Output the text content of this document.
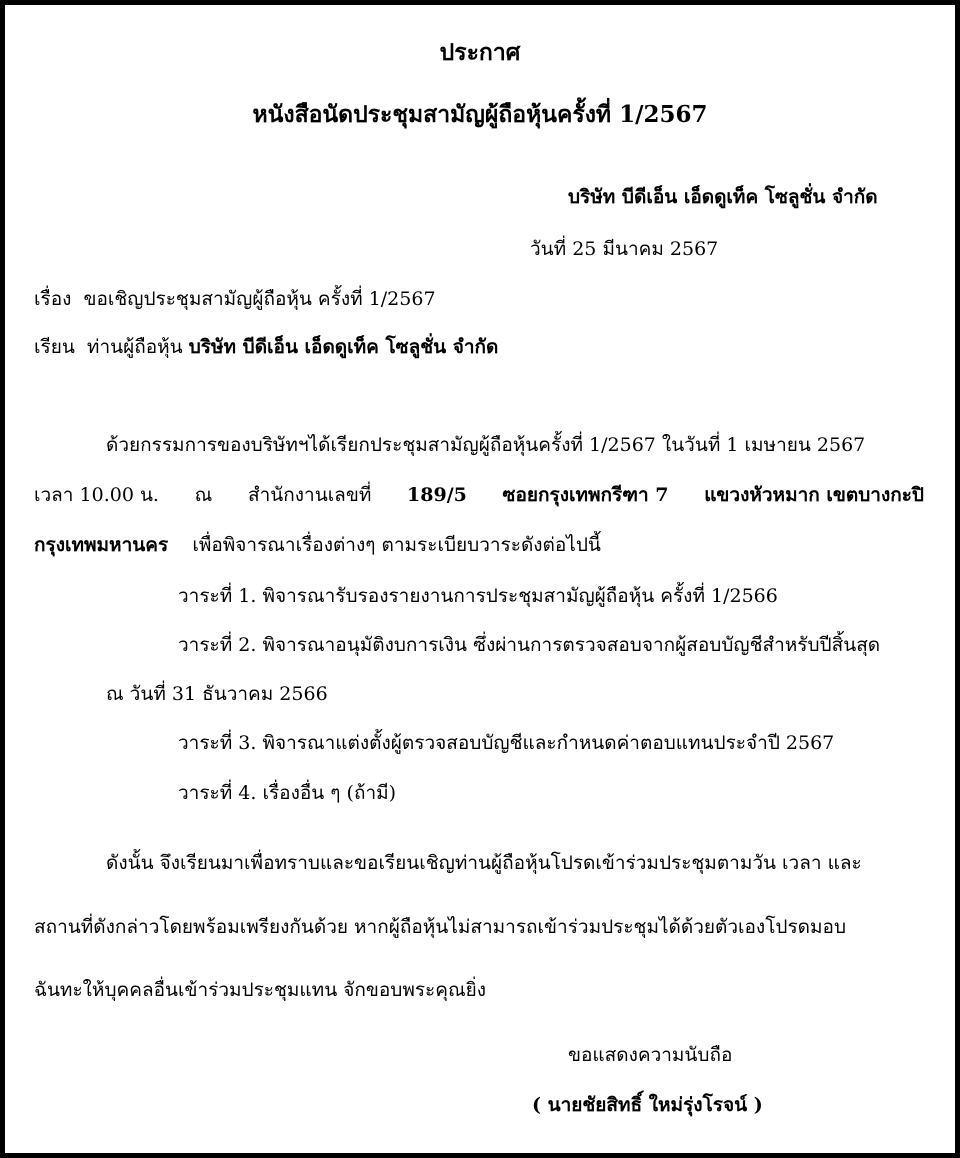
ประกาศ
หนังสือนัดประชุมสามัญผู้ถือหุ้นครั้งที่ 1/2567
บริษัท บีดีเอ็น เอ็ดดูเท็ค โซลูชั่น จำกัด
วันที่ 25 มีนาคม 2567
เรื่อง ขอเชิญประชุมสามัญผู้ถือหุ้น ครั้งที่ 1/2567
เรียน ท่านผู้ถือหุ้น บริษัท บีดีเอ็น เอ็ดดูเท็ค โซลูชั่น จำกัด
ด้วยกรรมการของบริษัทฯได้เรียกประชุมสามัญผู้ถือหุ้นครั้งที่ 1/2567 ในวันที่ 1 เมษายน 2567
เวลา 10.00 น. ณ สำนักงานเลขที่ 189/5 ซอยกรุงเทพกรีฑา 7 แขวงหัวหมาก เขตบางกะปิ
กรุงเทพมหานคร เพื่อพิจารณาเรื่องต่างๆ ตามระเบียบวาระดังต่อไปนี้
วาระที่ 1. พิจารณารับรองรายงานการประชุมสามัญผู้ถือหุ้น ครั้งที่ 1/2566
วาระที่ 2. พิจารณาอนุมัติงบการเงิน ซึ่งผ่านการตรวจสอบจากผู้สอบบัญชีสำหรับปีสิ้นสุด
ณ วันที่ 31 ธันวาคม 2566
วาระที่ 3. พิจารณาแต่งตั้งผู้ตรวจสอบบัญชีและกำหนดค่าตอบแทนประจำปี 2567
วาระที่ 4. เรื่องอื่น ๆ (ถ้ามี)
ดังนั้น จึงเรียนมาเพื่อทราบและขอเรียนเชิญท่านผู้ถือหุ้นโปรดเข้าร่วมประชุมตามวัน เวลา และ
สถานที่ดังกล่าวโดยพร้อมเพรียงกันด้วย หากผู้ถือหุ้นไม่สามารถเข้าร่วมประชุมได้ด้วยตัวเองโปรดมอบ
ฉันทะให้บุคคลอื่นเข้าร่วมประชุมแทน จักขอบพระคุณยิ่ง
ขอแสดงความนับถือ
( นายชัยสิทธิ์ ใหม่รุ่งโรจน์ )
